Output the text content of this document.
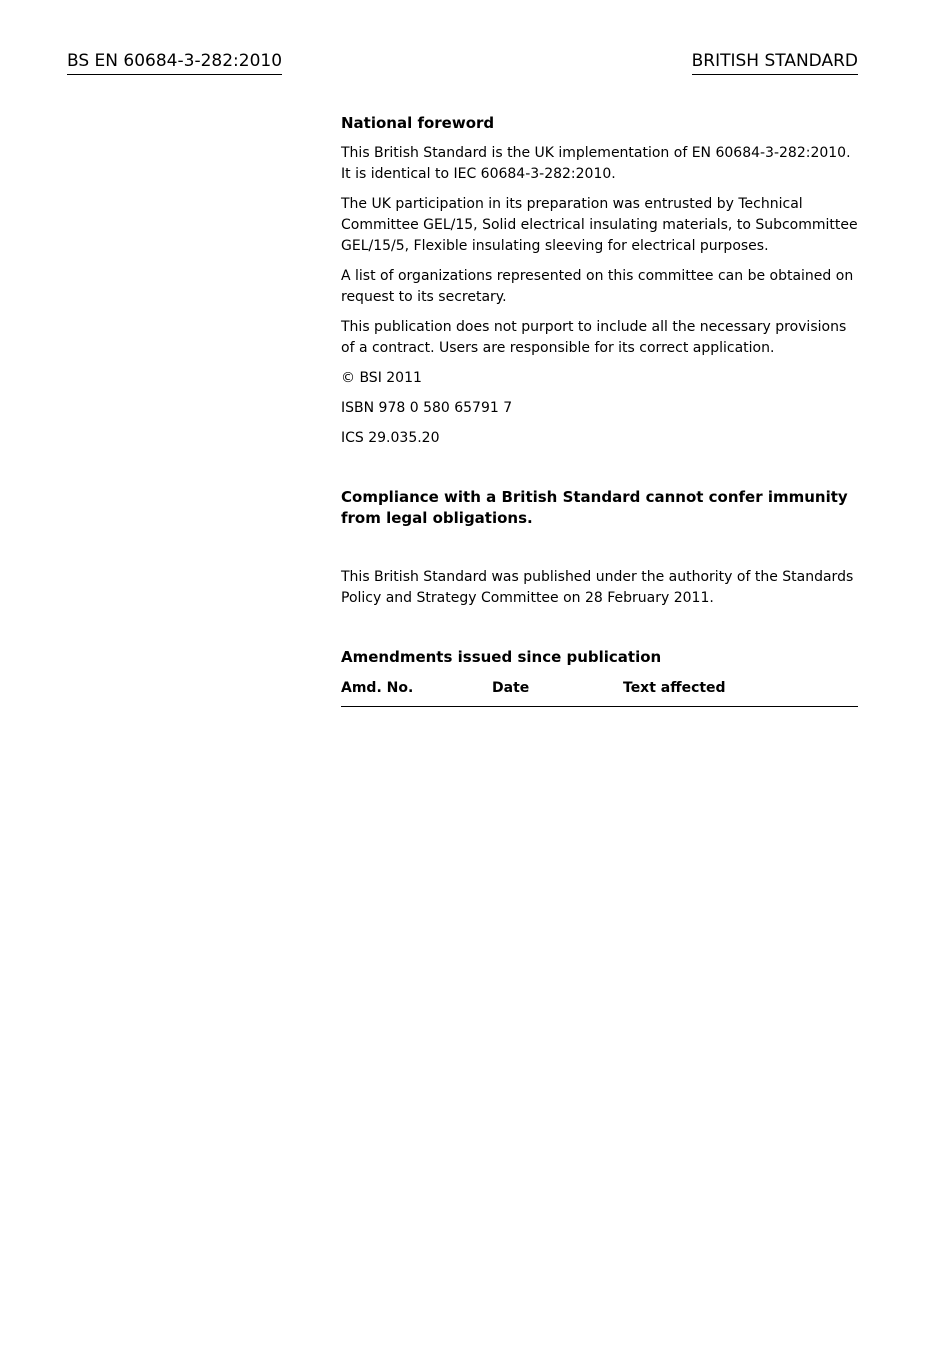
BS EN 60684-3-282:2010	BRITISH STANDARD
National foreword
This British Standard is the UK implementation of EN 60684-3-282:2010. It is identical to IEC 60684-3-282:2010.
The UK participation in its preparation was entrusted by Technical Committee GEL/15, Solid electrical insulating materials, to Subcommittee GEL/15/5, Flexible insulating sleeving for electrical purposes.
A list of organizations represented on this committee can be obtained on request to its secretary.
This publication does not purport to include all the necessary provisions of a contract. Users are responsible for its correct application.
© BSI 2011
ISBN 978 0 580 65791 7
ICS 29.035.20
Compliance with a British Standard cannot confer immunity from legal obligations.
This British Standard was published under the authority of the Standards Policy and Strategy Committee on 28 February 2011.
Amendments issued since publication
Amd. No.	Date	Text affected
